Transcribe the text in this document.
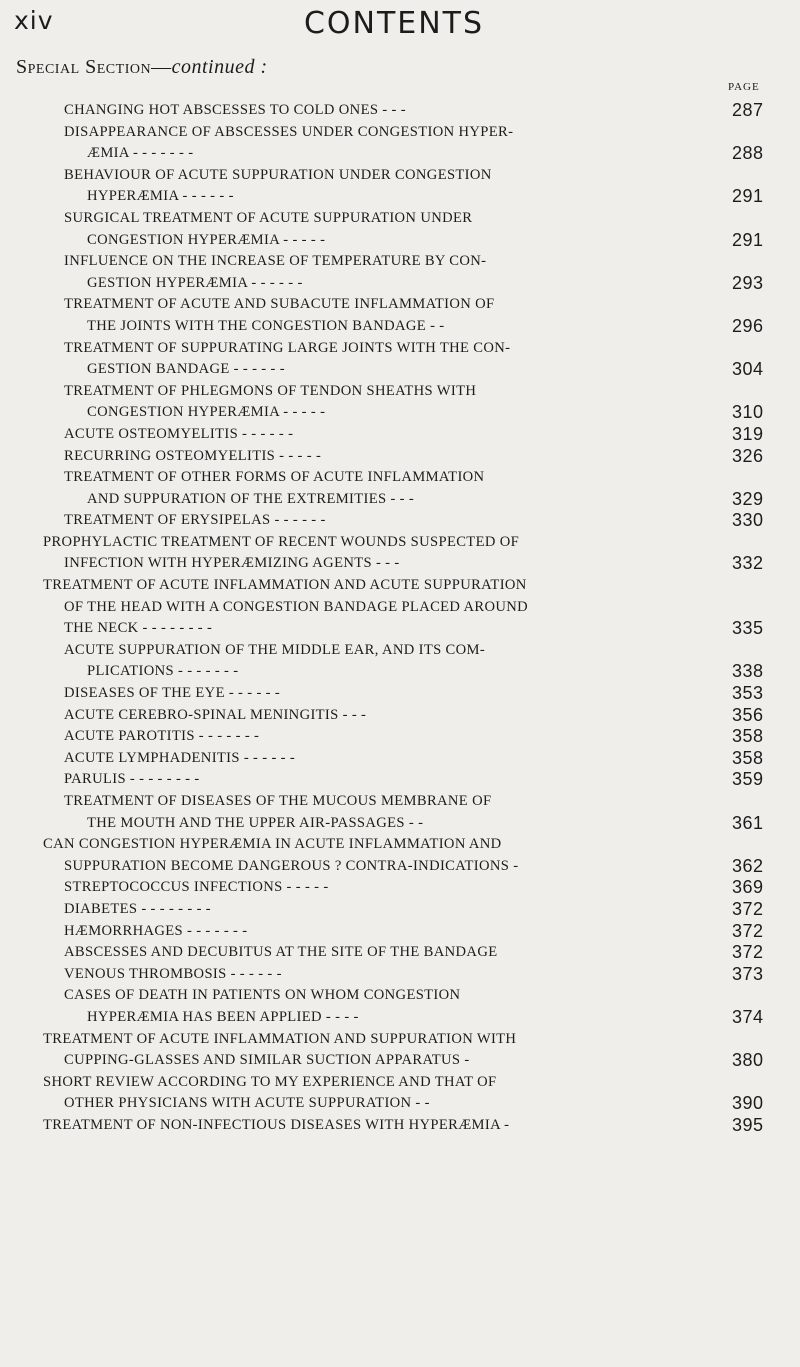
xiv	CONTENTS
Special Section—continued :
PAGE
CHANGING HOT ABSCESSES TO COLD ONES - - -	287
DISAPPEARANCE OF ABSCESSES UNDER CONGESTION HYPER-
ÆMIA - - - - - - -	288
BEHAVIOUR OF ACUTE SUPPURATION UNDER CONGESTION
HYPERÆMIA - - - - - -	291
SURGICAL TREATMENT OF ACUTE SUPPURATION UNDER
CONGESTION HYPERÆMIA - - - - -	291
INFLUENCE ON THE INCREASE OF TEMPERATURE BY CON-
GESTION HYPERÆMIA - - - - - -	293
TREATMENT OF ACUTE AND SUBACUTE INFLAMMATION OF
THE JOINTS WITH THE CONGESTION BANDAGE - -	296
TREATMENT OF SUPPURATING LARGE JOINTS WITH THE CON-
GESTION BANDAGE - - - - - -	304
TREATMENT OF PHLEGMONS OF TENDON SHEATHS WITH
CONGESTION HYPERÆMIA - - - - -	310
ACUTE OSTEOMYELITIS - - - - - -	319
RECURRING OSTEOMYELITIS - - - - -	326
TREATMENT OF OTHER FORMS OF ACUTE INFLAMMATION
AND SUPPURATION OF THE EXTREMITIES - - -	329
TREATMENT OF ERYSIPELAS - - - - - -	330
PROPHYLACTIC TREATMENT OF RECENT WOUNDS SUSPECTED OF
INFECTION WITH HYPERÆMIZING AGENTS - - -	332
TREATMENT OF ACUTE INFLAMMATION AND ACUTE SUPPURATION
OF THE HEAD WITH A CONGESTION BANDAGE PLACED AROUND
THE NECK - - - - - - - -	335
ACUTE SUPPURATION OF THE MIDDLE EAR, AND ITS COM-
PLICATIONS - - - - - - -	338
DISEASES OF THE EYE - - - - - -	353
ACUTE CEREBRO-SPINAL MENINGITIS - - -	356
ACUTE PAROTITIS - - - - - - -	358
ACUTE LYMPHADENITIS - - - - - -	358
PARULIS - - - - - - - -	359
TREATMENT OF DISEASES OF THE MUCOUS MEMBRANE OF
THE MOUTH AND THE UPPER AIR-PASSAGES - -	361
CAN CONGESTION HYPERÆMIA IN ACUTE INFLAMMATION AND
SUPPURATION BECOME DANGEROUS ? CONTRA-INDICATIONS -	362
STREPTOCOCCUS INFECTIONS - - - - -	369
DIABETES - - - - - - - -	372
HÆMORRHAGES - - - - - - -	372
ABSCESSES AND DECUBITUS AT THE SITE OF THE BANDAGE	372
VENOUS THROMBOSIS - - - - - -	373
CASES OF DEATH IN PATIENTS ON WHOM CONGESTION
HYPERÆMIA HAS BEEN APPLIED - - - -	374
TREATMENT OF ACUTE INFLAMMATION AND SUPPURATION WITH
CUPPING-GLASSES AND SIMILAR SUCTION APPARATUS -	380
SHORT REVIEW ACCORDING TO MY EXPERIENCE AND THAT OF
OTHER PHYSICIANS WITH ACUTE SUPPURATION - -	390
TREATMENT OF NON-INFECTIOUS DISEASES WITH HYPERÆMIA -	395
